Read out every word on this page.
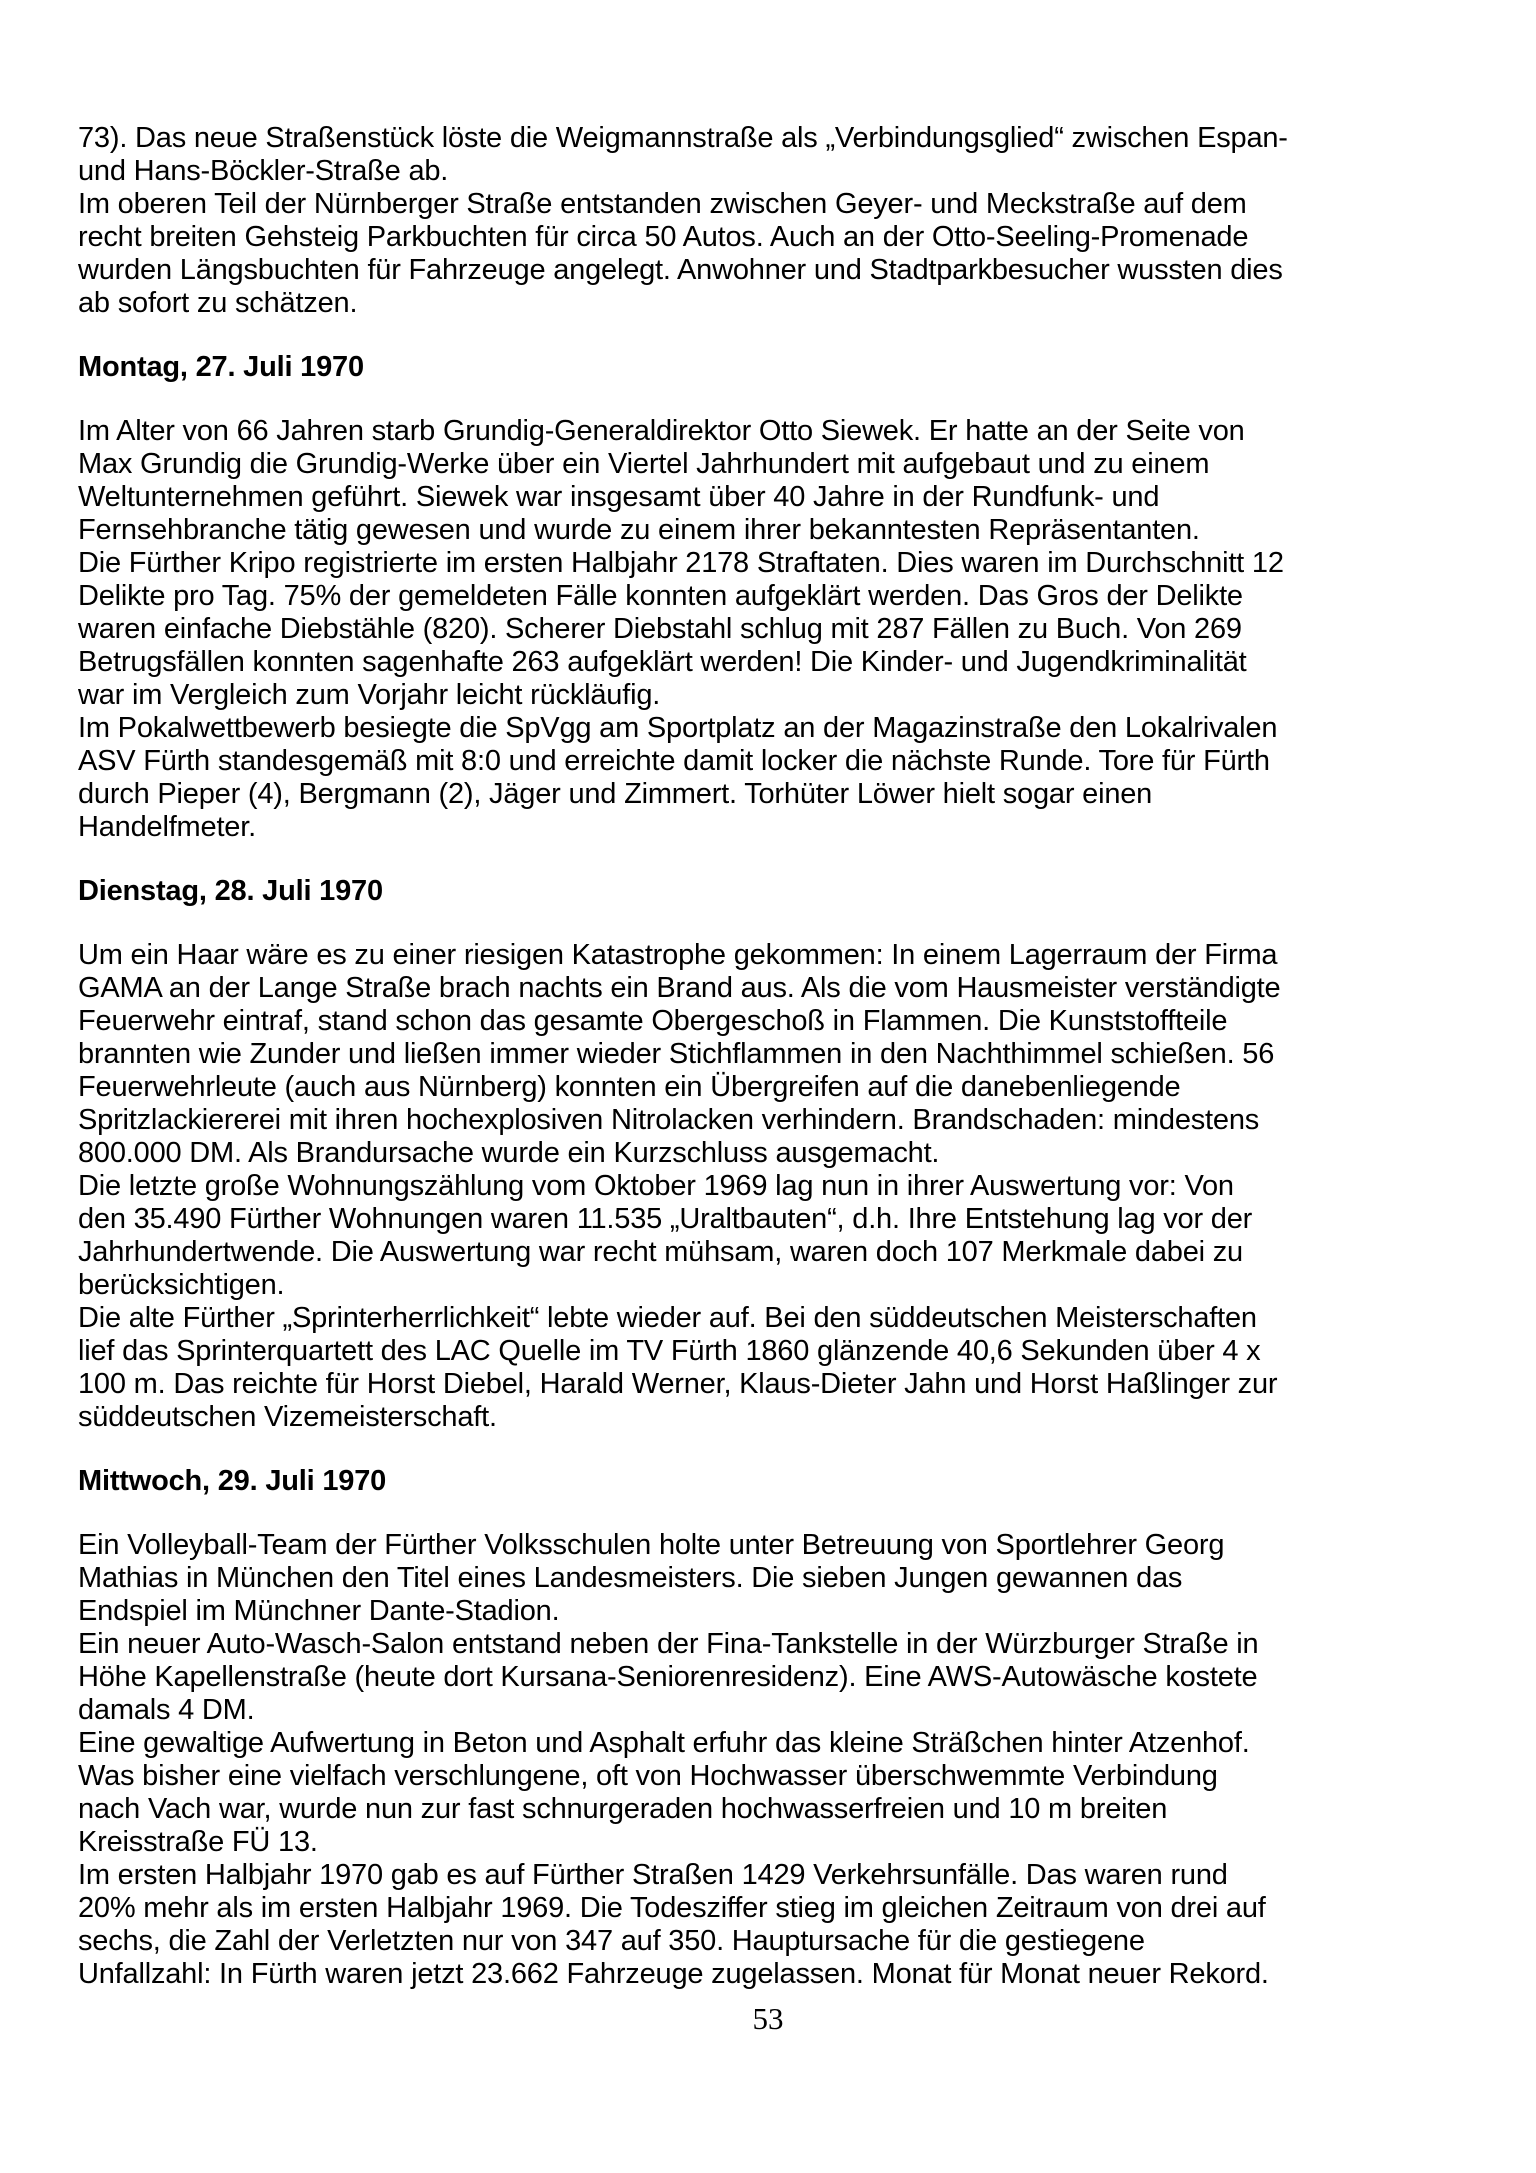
73). Das neue Straßenstück löste die Weigmannstraße als „Verbindungsglied“ zwischen Espan-
und Hans-Böckler-Straße ab.
Im oberen Teil der Nürnberger Straße entstanden zwischen Geyer- und Meckstraße auf dem
recht breiten Gehsteig Parkbuchten für circa 50 Autos. Auch an der Otto-Seeling-Promenade
wurden Längsbuchten für Fahrzeuge angelegt. Anwohner und Stadtparkbesucher wussten dies
ab sofort zu schätzen.
Montag, 27. Juli 1970
Im Alter von 66 Jahren starb Grundig-Generaldirektor Otto Siewek. Er hatte an der Seite von
Max Grundig die Grundig-Werke über ein Viertel Jahrhundert mit aufgebaut und zu einem
Weltunternehmen geführt. Siewek war insgesamt über 40 Jahre in der Rundfunk- und
Fernsehbranche tätig gewesen und wurde zu einem ihrer bekanntesten Repräsentanten.
Die Fürther Kripo registrierte im ersten Halbjahr 2178 Straftaten. Dies waren im Durchschnitt 12
Delikte pro Tag. 75% der gemeldeten Fälle konnten aufgeklärt werden. Das Gros der Delikte
waren einfache Diebstähle (820). Scherer Diebstahl schlug mit 287 Fällen zu Buch. Von 269
Betrugsfällen konnten sagenhafte 263 aufgeklärt werden! Die Kinder- und Jugendkriminalität
war im Vergleich zum Vorjahr leicht rückläufig.
Im Pokalwettbewerb besiegte die SpVgg am Sportplatz an der Magazinstraße den Lokalrivalen
ASV Fürth standesgemäß mit 8:0 und erreichte damit locker die nächste Runde. Tore für Fürth
durch Pieper (4), Bergmann (2), Jäger und Zimmert. Torhüter Löwer hielt sogar einen
Handelfmeter.
Dienstag, 28. Juli 1970
Um ein Haar wäre es zu einer riesigen Katastrophe gekommen: In einem Lagerraum der Firma
GAMA an der Lange Straße brach nachts ein Brand aus. Als die vom Hausmeister verständigte
Feuerwehr eintraf, stand schon das gesamte Obergeschoß in Flammen. Die Kunststoffteile
brannten wie Zunder und ließen immer wieder Stichflammen in den Nachthimmel schießen. 56
Feuerwehrleute (auch aus Nürnberg) konnten ein Übergreifen auf die danebenliegende
Spritzlackiererei mit ihren hochexplosiven Nitrolacken verhindern. Brandschaden: mindestens
800.000 DM. Als Brandursache wurde ein Kurzschluss ausgemacht.
Die letzte große Wohnungszählung vom Oktober 1969 lag nun in ihrer Auswertung vor: Von
den 35.490 Fürther Wohnungen waren 11.535 „Uraltbauten“, d.h. Ihre Entstehung lag vor der
Jahrhundertwende. Die Auswertung war recht mühsam, waren doch 107 Merkmale dabei zu
berücksichtigen.
Die alte Fürther „Sprinterherrlichkeit“ lebte wieder auf. Bei den süddeutschen Meisterschaften
lief das Sprinterquartett des LAC Quelle im TV Fürth 1860 glänzende 40,6 Sekunden über 4 x
100 m. Das reichte für Horst Diebel, Harald Werner, Klaus-Dieter Jahn und Horst Haßlinger zur
süddeutschen Vizemeisterschaft.
Mittwoch, 29. Juli 1970
Ein Volleyball-Team der Fürther Volksschulen holte unter Betreuung von Sportlehrer Georg
Mathias in München den Titel eines Landesmeisters. Die sieben Jungen gewannen das
Endspiel im Münchner Dante-Stadion.
Ein neuer Auto-Wasch-Salon entstand neben der Fina-Tankstelle in der Würzburger Straße in
Höhe Kapellenstraße (heute dort Kursana-Seniorenresidenz). Eine AWS-Autowäsche kostete
damals 4 DM.
Eine gewaltige Aufwertung in Beton und Asphalt erfuhr das kleine Sträßchen hinter Atzenhof.
Was bisher eine vielfach verschlungene, oft von Hochwasser überschwemmte Verbindung
nach Vach war, wurde nun zur fast schnurgeraden hochwasserfreien und 10 m breiten
Kreisstraße FÜ 13.
Im ersten Halbjahr 1970 gab es auf Fürther Straßen 1429 Verkehrsunfälle. Das waren rund
20% mehr als im ersten Halbjahr 1969. Die Todesziffer stieg im gleichen Zeitraum von drei auf
sechs, die Zahl der Verletzten nur von 347 auf 350. Hauptursache für die gestiegene
Unfallzahl: In Fürth waren jetzt 23.662 Fahrzeuge zugelassen. Monat für Monat neuer Rekord.
53
